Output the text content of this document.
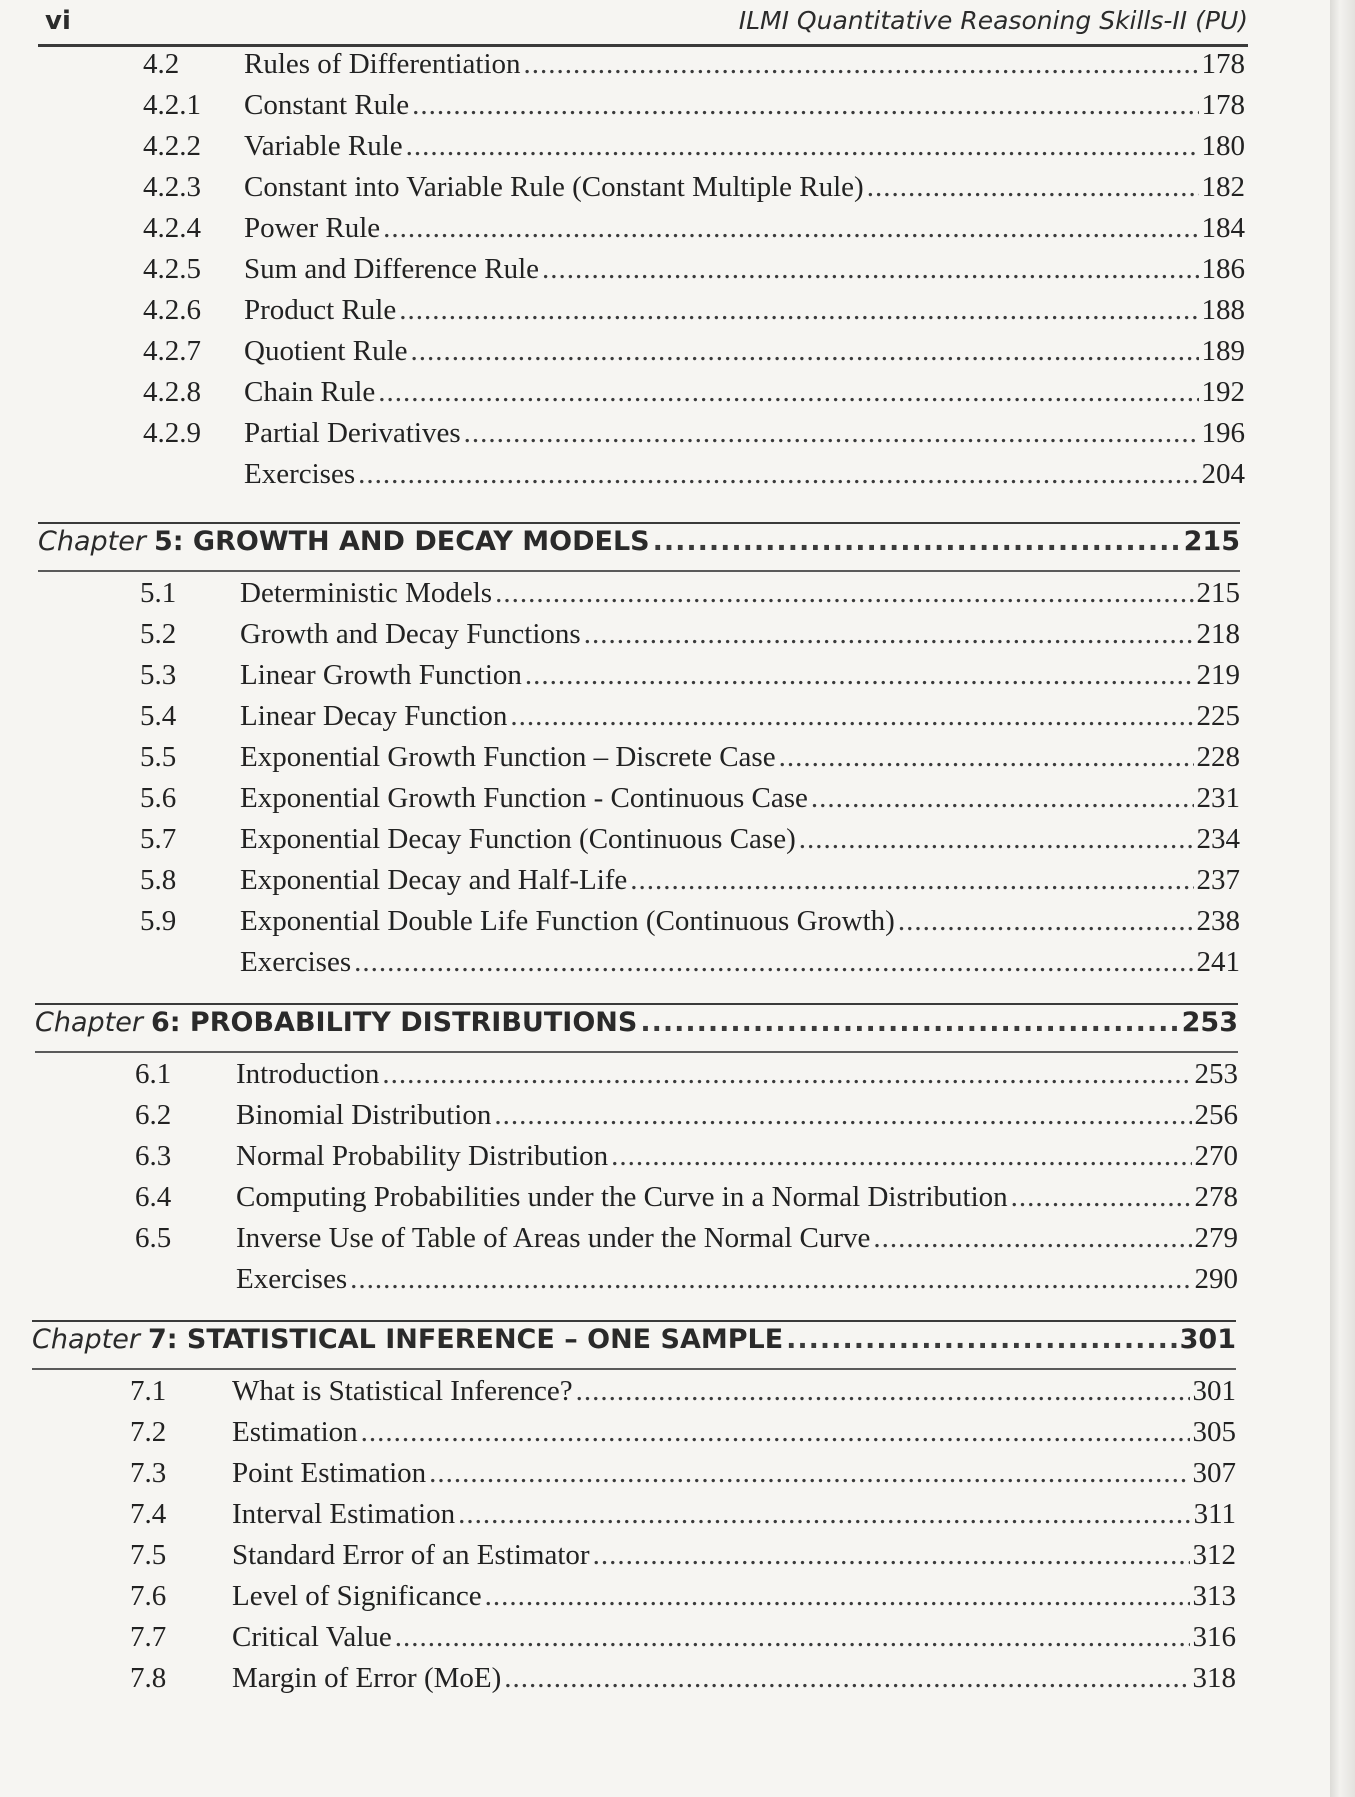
vi	ILMI Quantitative Reasoning Skills-II (PU)
4.2	Rules of Differentiation .....	178
4.2.1	Constant Rule .....	178
4.2.2	Variable Rule .....	180
4.2.3	Constant into Variable Rule (Constant Multiple Rule) .....	182
4.2.4	Power Rule .....	184
4.2.5	Sum and Difference Rule .....	186
4.2.6	Product Rule .....	188
4.2.7	Quotient Rule .....	189
4.2.8	Chain Rule .....	192
4.2.9	Partial Derivatives .....	196
Exercises .....	204
Chapter 5: GROWTH AND DECAY MODELS .....	215
5.1	Deterministic Models .....	215
5.2	Growth and Decay Functions .....	218
5.3	Linear Growth Function .....	219
5.4	Linear Decay Function .....	225
5.5	Exponential Growth Function – Discrete Case .....	228
5.6	Exponential Growth Function - Continuous Case .....	231
5.7	Exponential Decay Function (Continuous Case) .....	234
5.8	Exponential Decay and Half-Life .....	237
5.9	Exponential Double Life Function (Continuous Growth) .....	238
Exercises .....	241
Chapter 6: PROBABILITY DISTRIBUTIONS .....	253
6.1	Introduction .....	253
6.2	Binomial Distribution .....	256
6.3	Normal Probability Distribution .....	270
6.4	Computing Probabilities under the Curve in a Normal Distribution .....	278
6.5	Inverse Use of Table of Areas under the Normal Curve .....	279
Exercises .....	290
Chapter 7: STATISTICAL INFERENCE – ONE SAMPLE .....	301
7.1	What is Statistical Inference? .....	301
7.2	Estimation .....	305
7.3	Point Estimation .....	307
7.4	Interval Estimation .....	311
7.5	Standard Error of an Estimator .....	312
7.6	Level of Significance .....	313
7.7	Critical Value .....	316
7.8	Margin of Error (MoE) .....	318
